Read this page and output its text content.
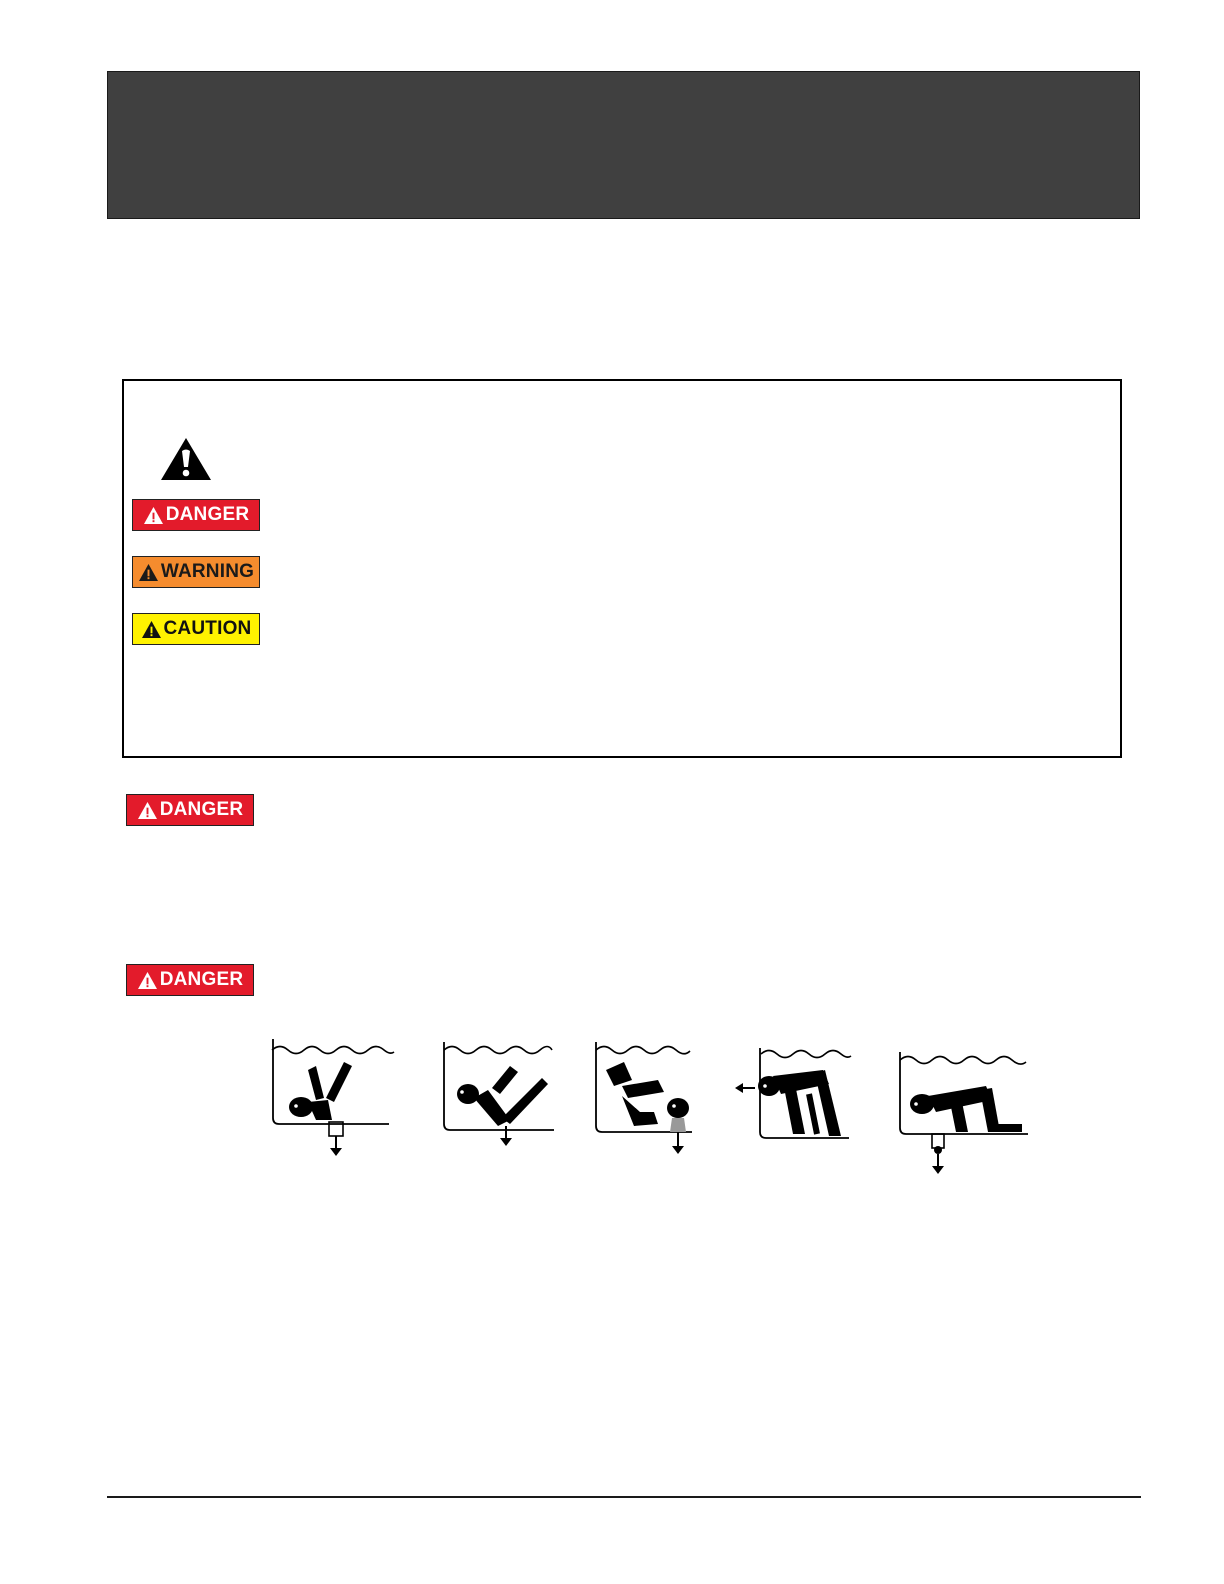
DANGER
WARNING
CAUTION
DANGER
DANGER
